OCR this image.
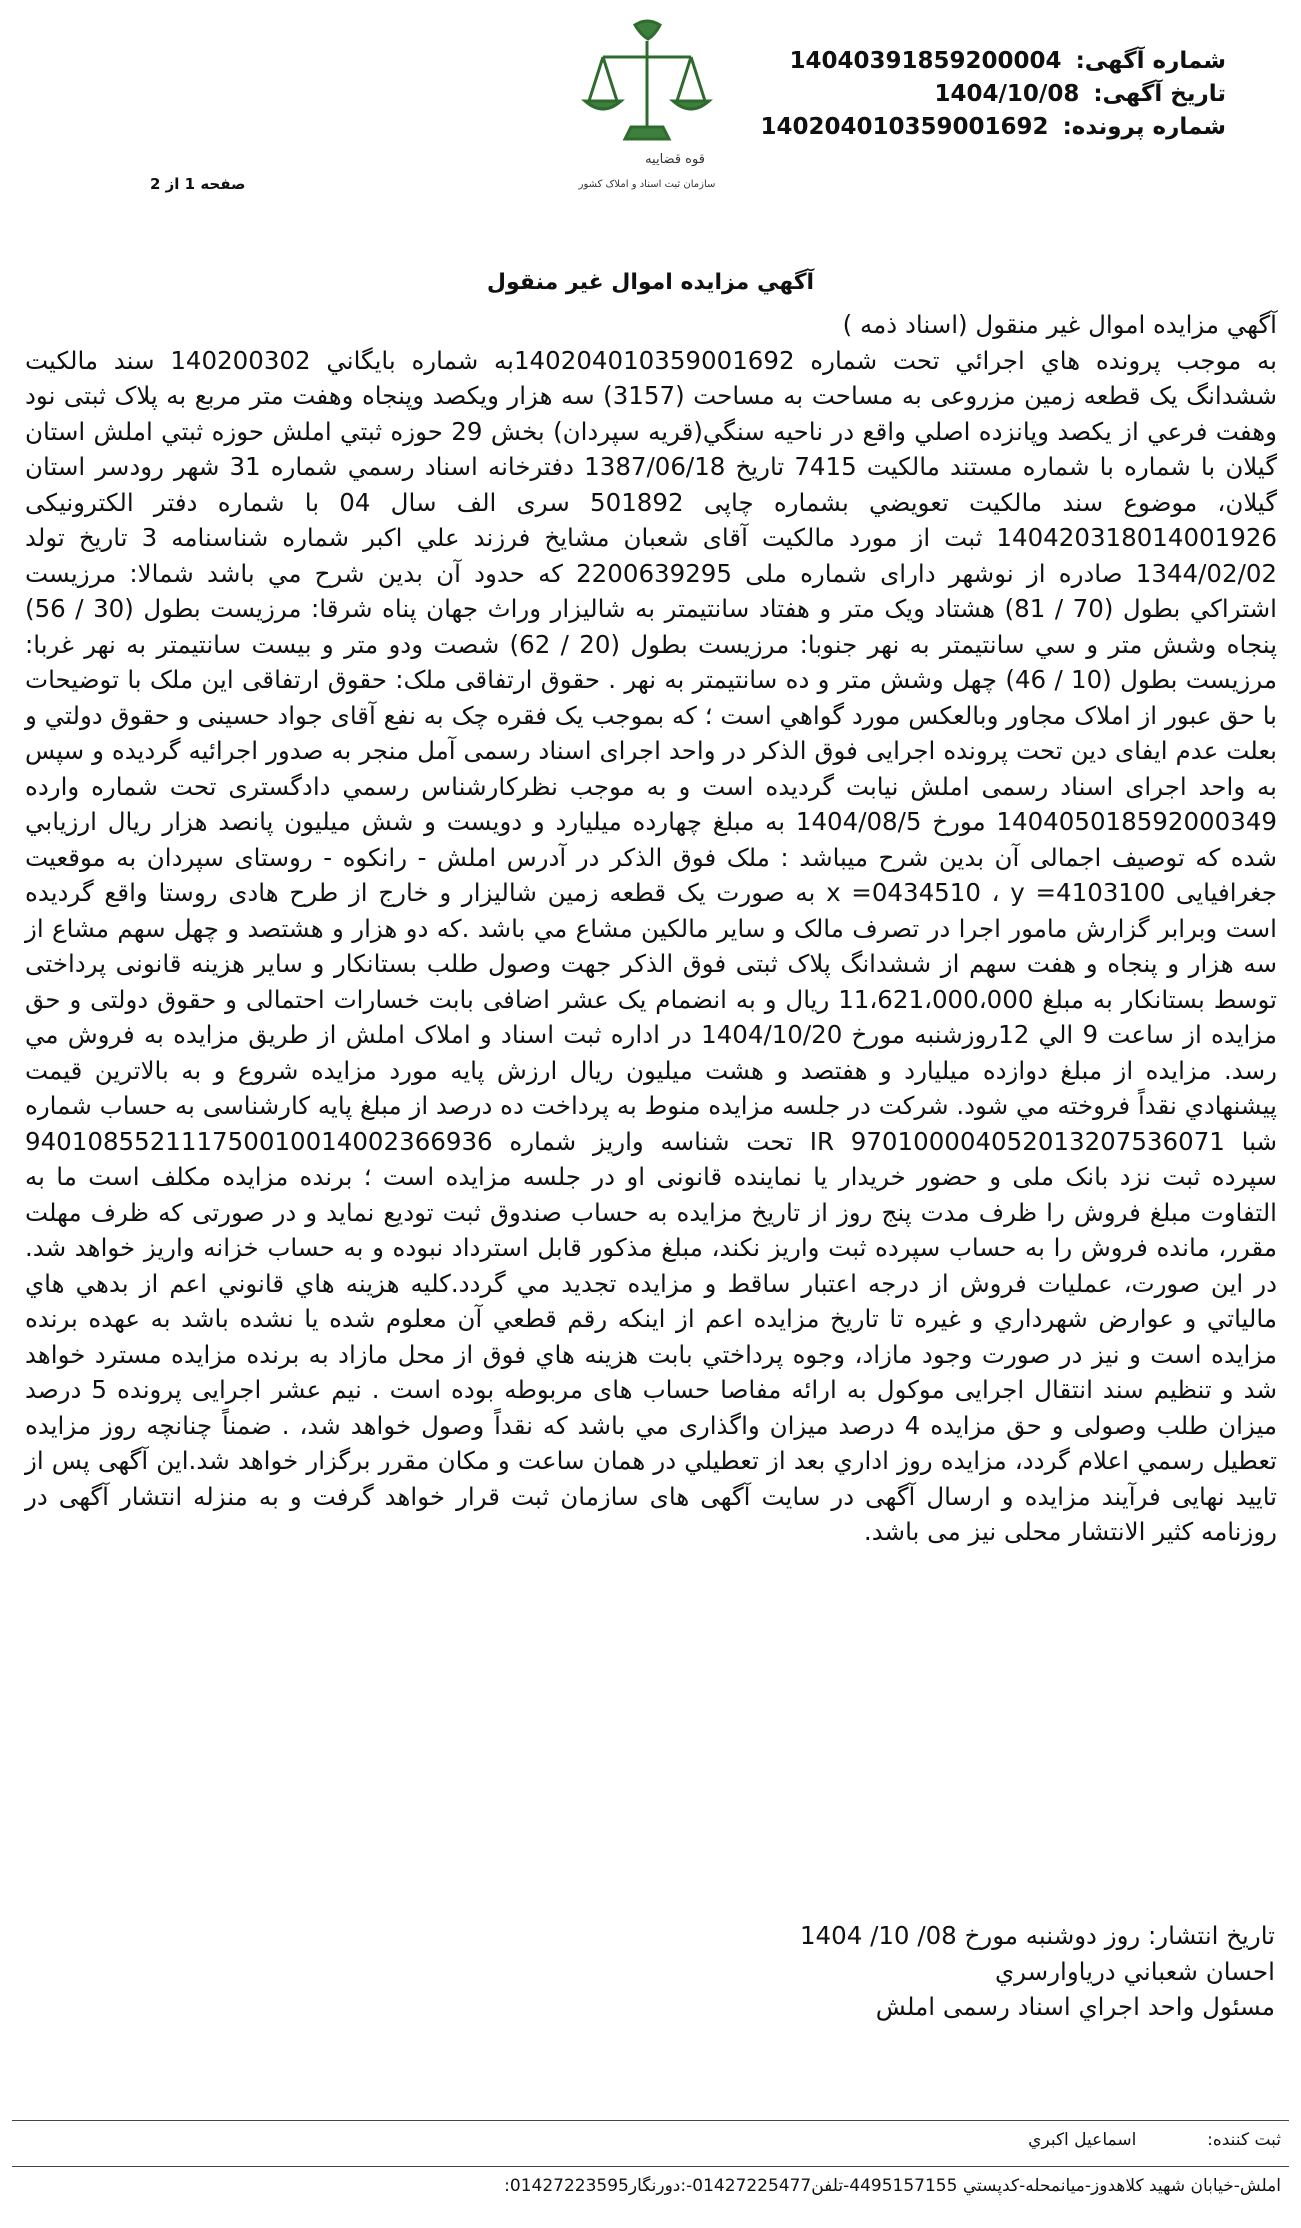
قوه قضاییه
سازمان ثبت اسناد و املاک کشور
شماره آگهی: 14040391859200004
تاریخ آگهی: 1404/10/08
شماره پرونده: 140204010359001692
صفحه 1 از 2
آگهي مزايده اموال غير منقول

آگهي مزايده اموال غير منقول (اسناد ذمه )

به موجب پرونده هاي اجرائي تحت شماره 140204010359001692به شماره بايگاني 140200302 سند مالكيت ششدانگ يک قطعه زمين مزروعی به مساحت به مساحت (3157) سه هزار ويكصد وپنجاه وهفت متر مربع به پلاک ثبتی نود وهفت فرعي از يکصد وپانزده اصلي واقع در ناحيه سنگي(قريه سپردان) بخش 29 حوزه ثبتي املش حوزه ثبتي املش استان گيلان با شماره با شماره مستند مالكيت 7415 تاريخ 1387/06/18 دفترخانه اسناد رسمي شماره 31 شهر رودسر استان گيلان، موضوع سند مالکيت تعويضي بشماره چاپی 501892 سری الف سال 04 با شماره دفتر الكترونيكی 140420318014001926 ثبت از مورد مالکيت آقای شعبان مشايخ فرزند علي اكبر شماره شناسنامه 3 تاريخ تولد 1344/02/02 صادره از نوشهر دارای شماره ملی 2200639295 كه حدود آن بدين شرح مي باشد شمالا: مرزيست اشتراکي بطول (70 / 81) هشتاد ويک متر و هفتاد سانتيمتر به شاليزار وراث جهان پناه شرقا: مرزيست بطول (30 / 56) پنجاه وشش متر و سي سانتيمتر به نهر جنوبا: مرزيست بطول (20 / 62) شصت ودو متر و بيست سانتيمتر به نهر غربا: مرزيست بطول (10 / 46) چهل وشش متر و ده سانتيمتر به نهر . حقوق ارتفاقی ملک: حقوق ارتفاقی اين ملک با توضيحات با حق عبور از املاک مجاور وبالعکس مورد گواهي است ؛ که بموجب يک فقره چک به نفع آقای جواد حسينی و حقوق دولتي و بعلت عدم ايفای دين تحت پرونده اجرايی فوق الذکر در واحد اجرای اسناد رسمی آمل منجر به صدور اجرائيه گرديده و سپس به واحد اجرای اسناد رسمی املش نيابت گرديده است و به موجب نظرکارشناس رسمي دادگستری تحت شماره وارده 140405018592000349 مورخ 1404/08/5 به مبلغ چهارده ميليارد و دويست و شش ميليون پانصد هزار ريال ارزيابي شده كه توصيف اجمالی آن بدين شرح ميباشد : ملک فوق الذکر در آدرس املش - رانکوه - روستای سپردان به موقعيت جغرافيايی x =0434510 ، y =4103100 به صورت يک قطعه زمين شاليزار و خارج از طرح هادی روستا واقع گرديده است وبرابر گزارش مامور اجرا در تصرف مالک و ساير مالکين مشاع مي باشد .كه دو هزار و هشتصد و چهل سهم مشاع از سه هزار و پنجاه و هفت سهم از ششدانگ پلاک ثبتی فوق الذکر جهت وصول طلب بستانکار و ساير هزينه قانونی پرداختی توسط بستانکار به مبلغ 11،621،000،000 ريال و به انضمام يک عشر اضافی بابت خسارات احتمالی و حقوق دولتی و حق مزايده از ساعت 9 الي 12روزشنبه مورخ 1404/10/20 در اداره ثبت اسناد و املاک املش از طريق مزايده به فروش مي رسد. مزايده از مبلغ دوازده ميليارد و هفتصد و هشت ميليون ريال ارزش پايه مورد مزايده شروع و به بالاترين قيمت پيشنهادي نقداً فروخته مي شود. شركت در جلسه مزايده منوط به پرداخت ده درصد از مبلغ پايه كارشناسی به حساب شماره شبا IR 970100004052013207536071 تحت شناسه واريز شماره 940108552111750010014002366936 سپرده ثبت نزد بانک ملی و حضور خريدار يا نماينده قانونی او در جلسه مزايده است ؛ برنده مزايده مكلف است ما به التفاوت مبلغ فروش را ظرف مدت پنج روز از تاريخ مزايده به حساب صندوق ثبت توديع نمايد و در صورتی كه ظرف مهلت مقرر، مانده فروش را به حساب سپرده ثبت واريز نكند، مبلغ مذكور قابل استرداد نبوده و به حساب خزانه واريز خواهد شد. در اين صورت، عمليات فروش از درجه اعتبار ساقط و مزايده تجديد مي گردد.كليه هزينه هاي قانوني اعم از بدهي هاي مالياتي و عوارض شهرداري و غيره تا تاريخ مزايده اعم از اينكه رقم قطعي آن معلوم شده يا نشده باشد به عهده برنده مزايده است و نيز در صورت وجود مازاد، وجوه پرداختي بابت هزينه هاي فوق از محل مازاد به برنده مزايده مسترد خواهد شد و تنظيم سند انتقال اجرايی موكول به ارائه مفاصا حساب های مربوطه بوده است . نيم عشر اجرايی پرونده 5 درصد ميزان طلب وصولی و حق مزايده 4 درصد ميزان واگذاری مي باشد که نقداً وصول خواهد شد، . ضمناً چنانچه روز مزايده تعطيل رسمي اعلام گردد، مزايده روز اداري بعد از تعطيلي در همان ساعت و مكان مقرر برگزار خواهد شد.اين آگهی پس از تاييد نهايی فرآيند مزايده و ارسال آگهی در سايت آگهی های سازمان ثبت قرار خواهد گرفت و به منزله انتشار آگهی در روزنامه كثير الانتشار محلی نيز می باشد.

تاريخ انتشار: روز دوشنبه مورخ 08/ 10/ 1404
احسان شعباني درياوارسري
مسئول واحد اجراي اسناد رسمی املش
ثبت كننده:  اسماعيل اكبري
املش-خيابان شهيد كلاهدوز-ميانمحله-كدپستي 4495157155-تلفن01427225477-:دورنگار01427223595:
